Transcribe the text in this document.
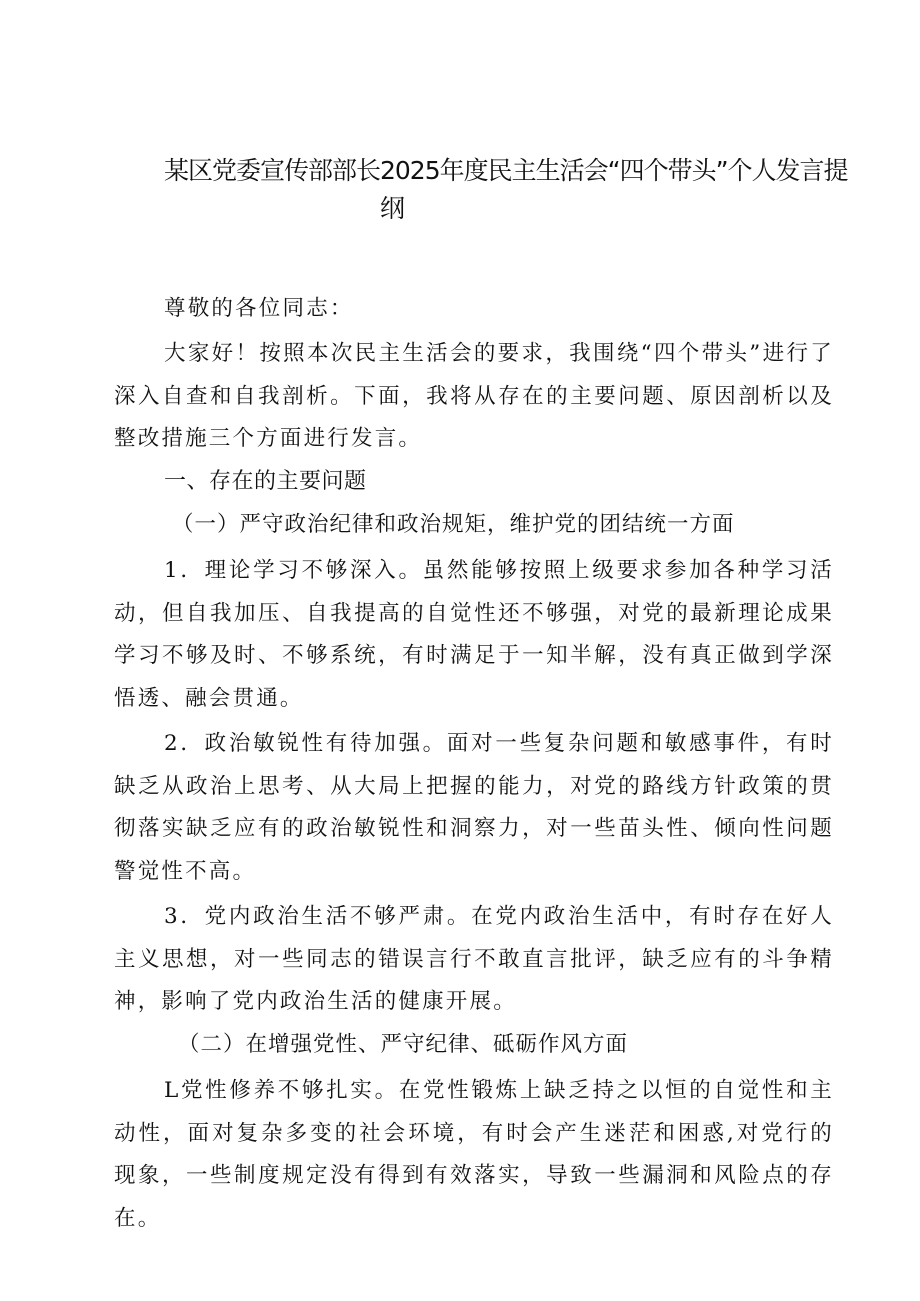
某区党委宣传部部长2025年度民主生活会“四个带头”个人发言提
纲
尊敬的各位同志：
大家好！按照本次民主生活会的要求，我围绕“四个带头”进行了深入自查和自我剖析。下面，我将从存在的主要问题、原因剖析以及整改措施三个方面进行发言。
一、存在的主要问题
（一）严守政治纪律和政治规矩，维护党的团结统一方面
1．理论学习不够深入。虽然能够按照上级要求参加各种学习活动，但自我加压、自我提高的自觉性还不够强，对党的最新理论成果学习不够及时、不够系统，有时满足于一知半解，没有真正做到学深悟透、融会贯通。
2．政治敏锐性有待加强。面对一些复杂问题和敏感事件，有时缺乏从政治上思考、从大局上把握的能力，对党的路线方针政策的贯彻落实缺乏应有的政治敏锐性和洞察力，对一些苗头性、倾向性问题警觉性不高。
3．党内政治生活不够严肃。在党内政治生活中，有时存在好人主义思想，对一些同志的错误言行不敢直言批评，缺乏应有的斗争精神，影响了党内政治生活的健康开展。
（二）在增强党性、严守纪律、砥砺作风方面
L党性修养不够扎实。在党性锻炼上缺乏持之以恒的自觉性和主动性，面对复杂多变的社会环境，有时会产生迷茫和困惑,对党行的现象，一些制度规定没有得到有效落实，导致一些漏洞和风险点的存在。
